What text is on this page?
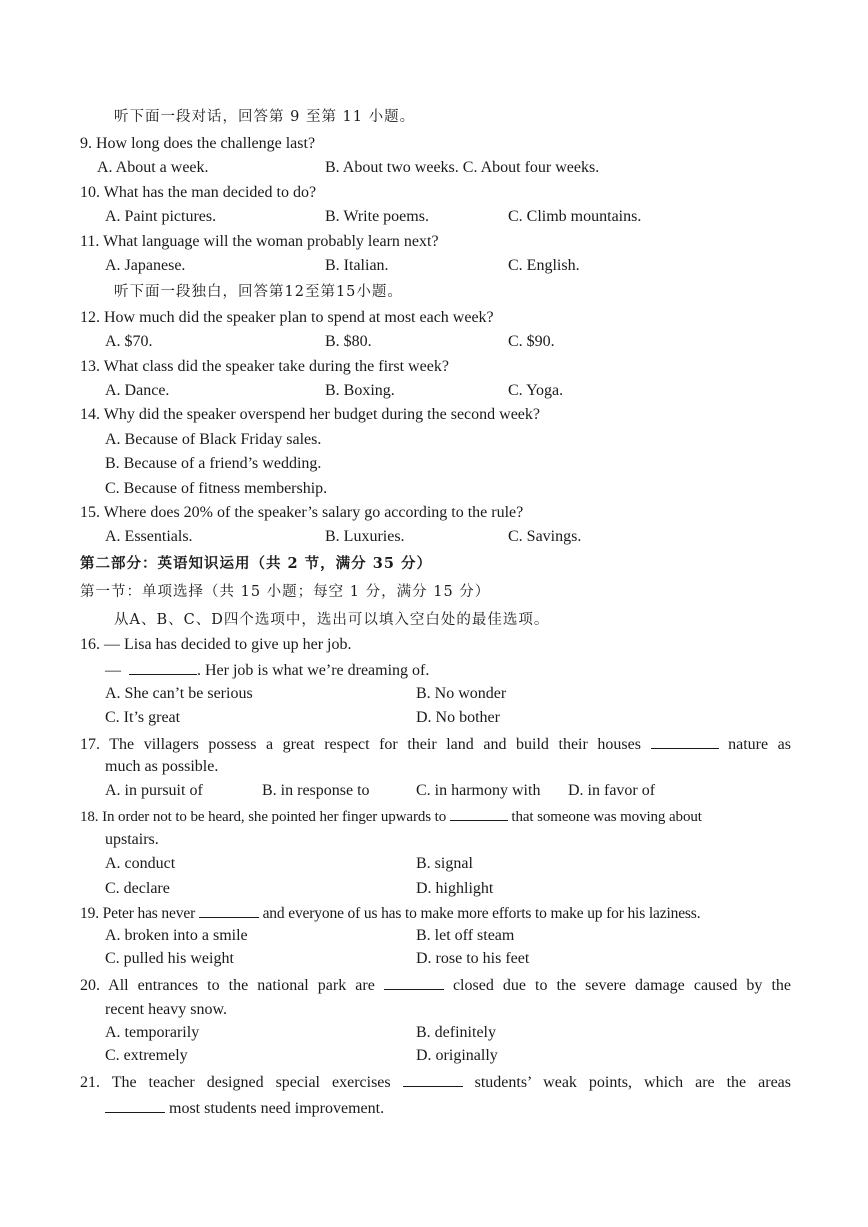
听下面一段对话，回答第 9 至第 11 小题。
9. How long does the challenge last?
A. About a week.	B. About two weeks. C. About four weeks.
10. What has the man decided to do?
A. Paint pictures.	B. Write poems.	C. Climb mountains.
11. What language will the woman probably learn next?
A. Japanese.	B. Italian.	C. English.
听下面一段独白，回答第12至第15小题。
12. How much did the speaker plan to spend at most each week?
A. $70.	B. $80.	C. $90.
13. What class did the speaker take during the first week?
A. Dance.	B. Boxing.	C. Yoga.
14. Why did the speaker overspend her budget during the second week?
A. Because of Black Friday sales.
B. Because of a friend’s wedding.
C. Because of fitness membership.
15. Where does 20% of the speaker’s salary go according to the rule?
A. Essentials.	B. Luxuries.	C. Savings.
第二部分：英语知识运用（共 2 节，满分 35 分）
第一节：单项选择（共 15 小题；每空 1 分，满分 15 分）
从A、B、C、D四个选项中，选出可以填入空白处的最佳选项。
16. — Lisa has decided to give up her job.
—	. Her job is what we’re dreaming of.
A. She can’t be serious	B. No wonder
C. It’s great	D. No bother
17. The villagers possess a great respect for their land and build their houses	nature as
much as possible.
A. in pursuit of	B. in response to	C. in harmony with D. in favor of
18. In order not to be heard, she pointed her finger upwards to	that someone was moving about
upstairs.
A. conduct	B. signal
C. declare	D. highlight
19. Peter has never	and everyone of us has to make more efforts to make up for his laziness.
A. broken into a smile	B. let off steam
C. pulled his weight	D. rose to his feet
20. All entrances to the national park are	closed due to the severe damage caused by the
recent heavy snow.
A. temporarily	B. definitely
C. extremely	D. originally
21. The teacher designed special exercises	students’ weak points, which are the areas
most students need improvement.
